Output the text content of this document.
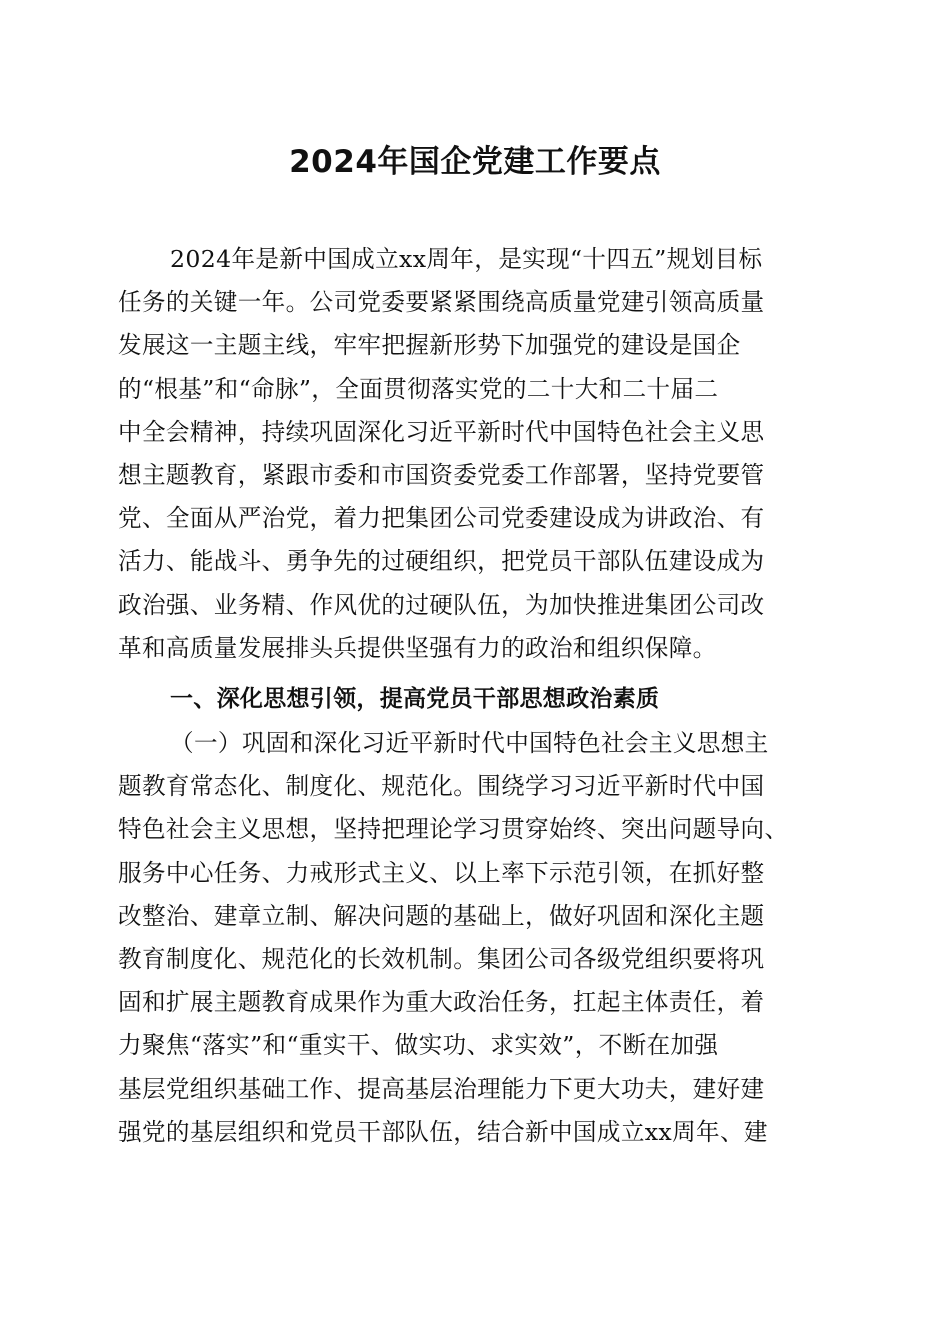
2024年国企党建工作要点
2024年是新中国成立xx周年，是实现“十四五”规划目标
任务的关键一年。公司党委要紧紧围绕高质量党建引领高质量
发展这一主题主线，牢牢把握新形势下加强党的建设是国企
的“根基”和“命脉”，全面贯彻落实党的二十大和二十届二
中全会精神，持续巩固深化习近平新时代中国特色社会主义思
想主题教育，紧跟市委和市国资委党委工作部署，坚持党要管
党、全面从严治党，着力把集团公司党委建设成为讲政治、有
活力、能战斗、勇争先的过硬组织，把党员干部队伍建设成为
政治强、业务精、作风优的过硬队伍，为加快推进集团公司改
革和高质量发展排头兵提供坚强有力的政治和组织保障。
一、深化思想引领，提高党员干部思想政治素质
（一）巩固和深化习近平新时代中国特色社会主义思想主
题教育常态化、制度化、规范化。围绕学习习近平新时代中国
特色社会主义思想，坚持把理论学习贯穿始终、突出问题导向、
服务中心任务、力戒形式主义、以上率下示范引领，在抓好整
改整治、建章立制、解决问题的基础上，做好巩固和深化主题
教育制度化、规范化的长效机制。集团公司各级党组织要将巩
固和扩展主题教育成果作为重大政治任务，扛起主体责任，着
力聚焦“落实”和“重实干、做实功、求实效”，不断在加强
基层党组织基础工作、提高基层治理能力下更大功夫，建好建
强党的基层组织和党员干部队伍，结合新中国成立xx周年、建
